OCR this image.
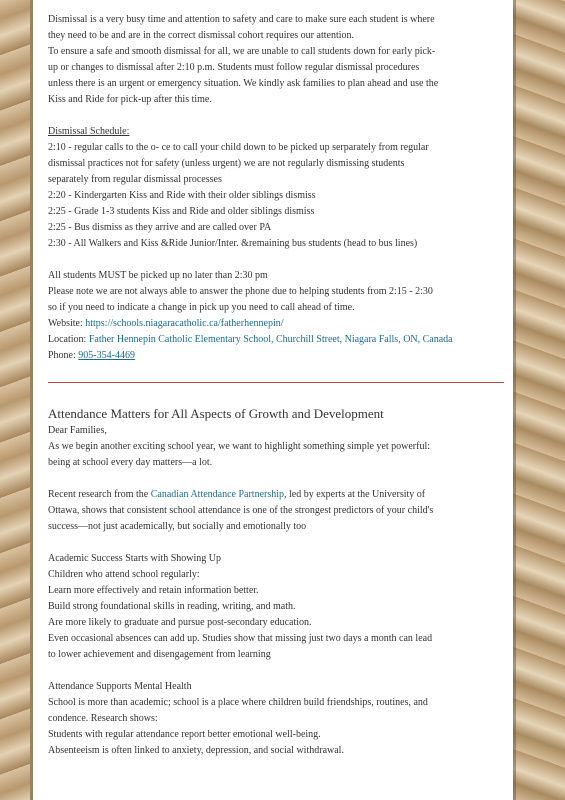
Dismissal is a very busy time and attention to safety and care to make sure each student is where

they need to be and are in the correct dismissal cohort requires our attention.

To ensure a safe and smooth dismissal for all, we are unable to call students down for early pick-

up or changes to dismissal after 2:10 p.m. Students must follow regular dismissal procedures

unless there is an urgent or emergency situation. We kindly ask families to plan ahead and use the

Kiss and Ride for pick-up after this time.

Dismissal Schedule:

2:10 - regular calls to the o- ce to call your child down to be picked up serparately from regular

dismissal practices not for safety (unless urgent) we are not regularly dismissing students

separately from regular dismissal processes

2:20 - Kindergarten Kiss and Ride with their older siblings dismiss

2:25 - Grade 1-3 students Kiss and Ride and older siblings dismiss

2:25 - Bus dismiss as they arrive and are called over PA

2:30 - All Walkers and Kiss &Ride Junior/Inter. &remaining bus students (head to bus lines)

All students MUST be picked up no later than 2:30 pm

Please note we are not always able to answer the phone due to helping students from 2:15 - 2:30

so if you need to indicate a change in pick up you need to call ahead of time.

Website: https://schools.niagaracatholic.ca/fatherhennepin/

Location: Father Hennepin Catholic Elementary School, Churchill Street, Niagara Falls, ON, Canada

Phone: 905-354-4469

Attendance Matters for All Aspects of Growth and Development

Dear Families,

As we begin another exciting school year, we want to highlight something simple yet powerful:

being at school every day matters—a lot.

Recent research from the Canadian Attendance Partnership, led by experts at the University of

Ottawa, shows that consistent school attendance is one of the strongest predictors of your child's

success—not just academically, but socially and emotionally too

Academic Success Starts with Showing Up

Children who attend school regularly:

Learn more effectively and retain information better.

Build strong foundational skills in reading, writing, and math.

Are more likely to graduate and pursue post-secondary education.

Even occasional absences can add up. Studies show that missing just two days a month can lead

to lower achievement and disengagement from learning

Attendance Supports Mental Health

School is more than academic; school is a place where children build friendships, routines, and

condence. Research shows:

Students with regular attendance report better emotional well-being.

Absenteeism is often linked to anxiety, depression, and social withdrawal.
